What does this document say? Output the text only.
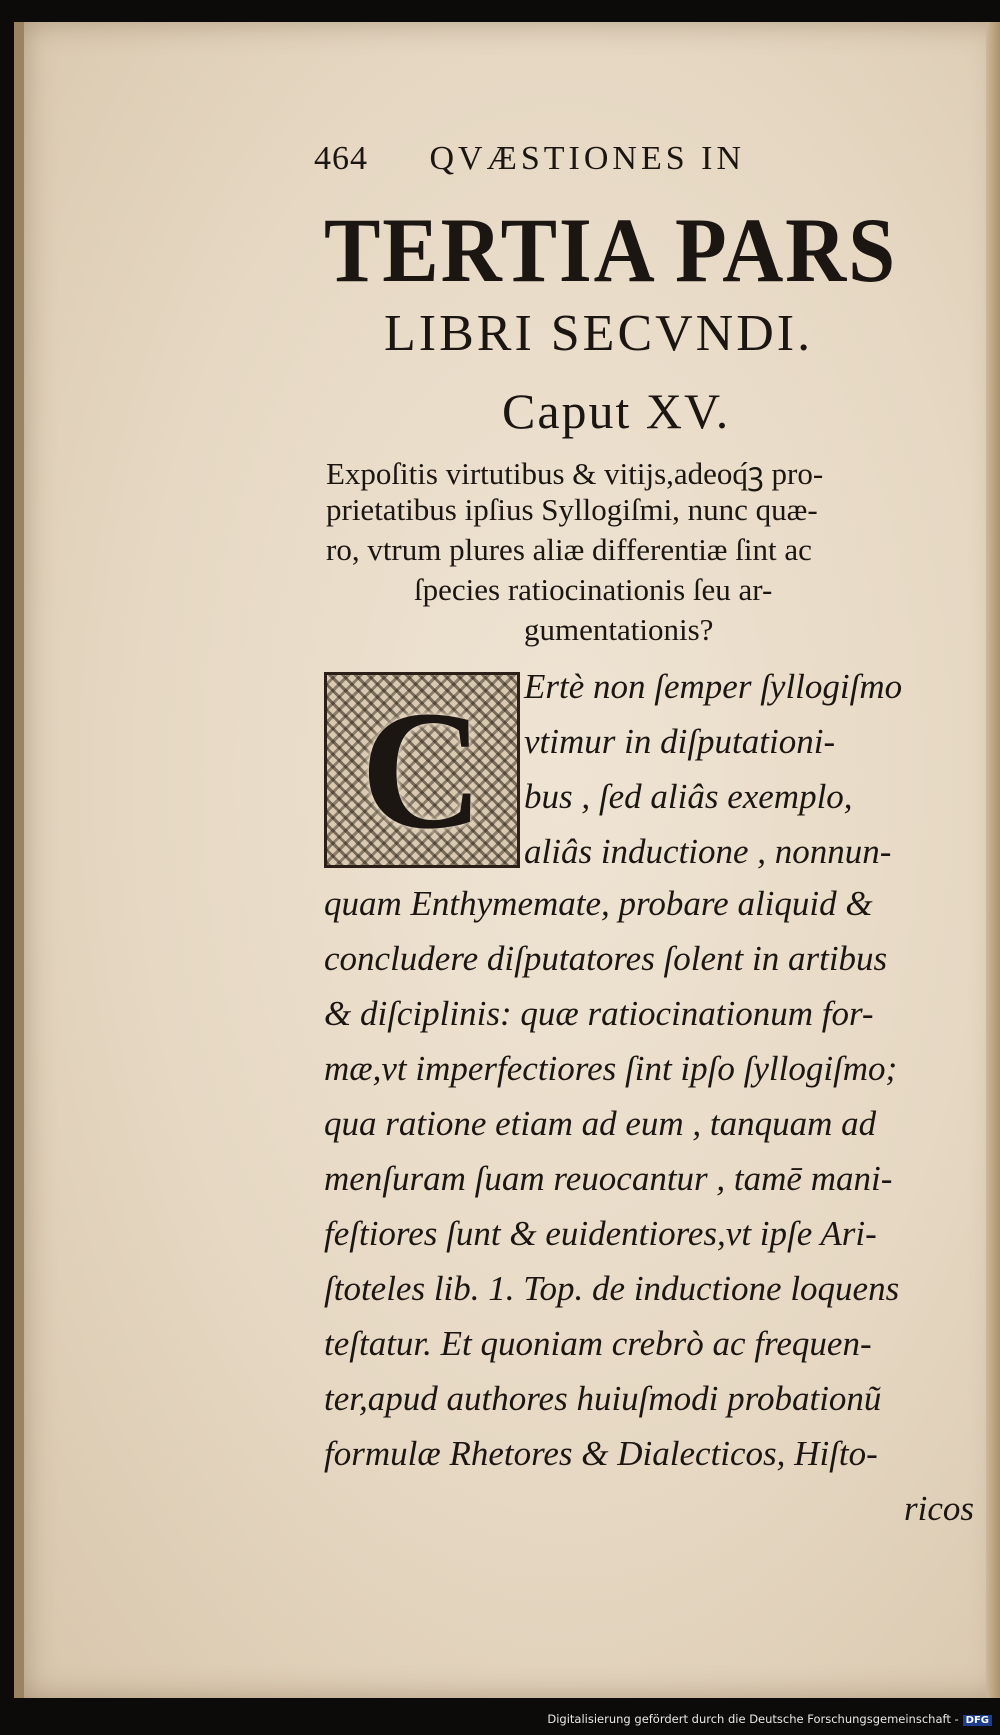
464 QVÆSTIONES IN
TERTIA PARS
LIBRI SECVNDI.
Caput XV.
Expoſitis virtutibus & vitijs,adeoq́ꝫ pro-
prietatibus ipſius Syllogiſmi, nunc quæ-
ro, vtrum plures aliæ differentiæ ſint ac
ſpecies ratiocinationis ſeu ar-
gumentationis?
C	Ertè non ſemper ſyllogiſmo
vtimur in diſputationi-
bus , ſed aliâs exemplo,
aliâs inductione , nonnun-
quam Enthymemate, probare aliquid &
concludere diſputatores ſolent in artibus
& diſciplinis: quæ ratiocinationum for-
mæ,vt imperfectiores ſint ipſo ſyllogiſmo;
qua ratione etiam ad eum , tanquam ad
menſuram ſuam reuocantur , tamē mani-
feſtiores ſunt & euidentiores,vt ipſe Ari-
ſtoteles lib. 1. Top. de inductione loquens
teſtatur. Et quoniam crebrò ac frequen-
ter,apud authores huiuſmodi probationũ
formulæ Rhetores & Dialecticos, Hiſto-
ricos
Digitalisierung gefördert durch die Deutsche Forschungsgemeinschaft - DFG
